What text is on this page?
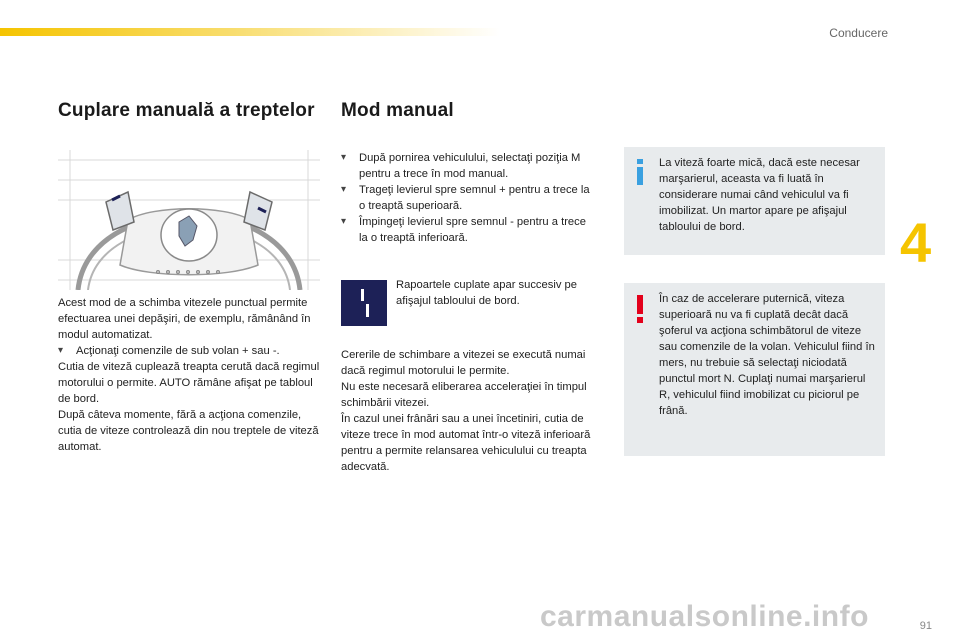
Conducere
4
Cuplare manuală a treptelor
Acest mod de a schimba vitezele punctual permite efectuarea unei depăşiri, de exemplu, rămânând în modul automatizat.
▾	Acţionaţi comenzile de sub volan + sau -.
Cutia de viteză cuplează treapta cerută dacă regimul motorului o permite. AUTO rămâne afişat pe tabloul de bord.
După câteva momente, fără a acţiona comenzile, cutia de viteze controlează din nou treptele de viteză automat.
Mod manual
▾	După pornirea vehiculului, selectaţi poziţia M pentru a trece în mod manual.
▾	Trageţi levierul spre semnul + pentru a trece la o treaptă superioară.
▾	Împingeţi levierul spre semnul - pentru a trece la o treaptă inferioară.
Rapoartele cuplate apar succesiv pe afişajul tabloului de bord.
Cererile de schimbare a vitezei se execută numai dacă regimul motorului le permite.
Nu este necesară eliberarea acceleraţiei în timpul schimbării vitezei.
În cazul unei frânări sau a unei încetiniri, cutia de viteze trece în mod automat într-o viteză inferioară pentru a permite relansarea vehiculului cu treapta adecvată.
La viteză foarte mică, dacă este necesar marşarierul, aceasta va fi luată în considerare numai când vehiculul va fi imobilizat. Un martor apare pe afişajul tabloului de bord.
În caz de accelerare puternică, viteza superioară nu va fi cuplată decât dacă şoferul va acţiona schimbătorul de viteze sau comenzile de la volan. Vehiculul fiind în mers, nu trebuie să selectaţi niciodată punctul mort N. Cuplaţi numai marşarierul R, vehiculul fiind imobilizat cu piciorul pe frână.
91
carmanualsonline.info
